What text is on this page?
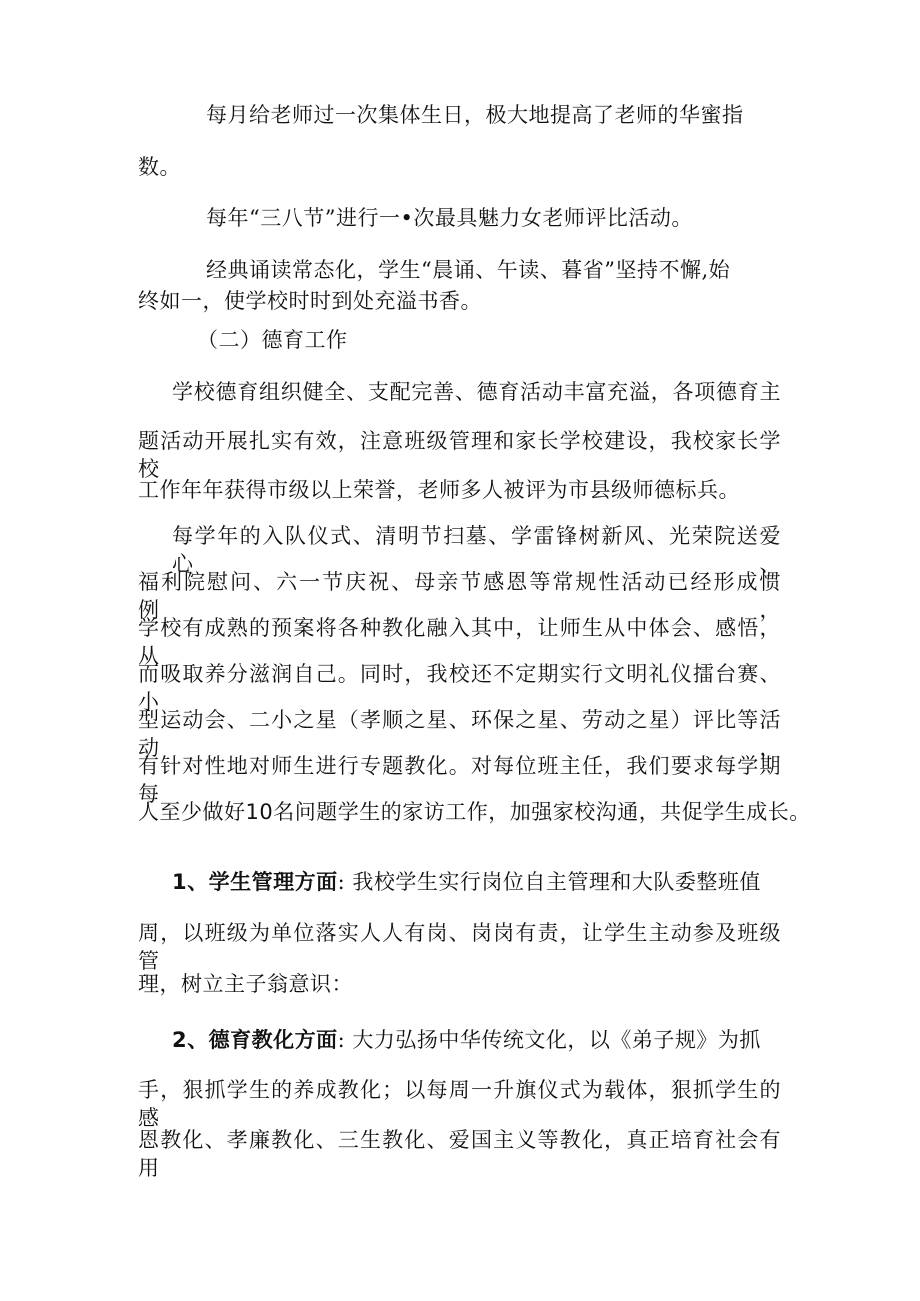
每月给老师过一次集体生日，极大地提高了老师的华蜜指
数。
每年“三八节”进行一•次最具魅力女老师评比活动。
经典诵读常态化，学生“晨诵、午读、暮省”坚持不懈,始
终如一，使学校时时到处充溢书香。
（二）德育工作
学校德育组织健全、支配完善、德育活动丰富充溢，各项德育主
题活动开展扎实有效，注意班级管理和家长学校建设，我校家长学校
工作年年获得市级以上荣誉，老师多人被评为市县级师德标兵。
每学年的入队仪式、清明节扫墓、学雷锋树新风、光荣院送爱心、
福利院慰问、六一节庆祝、母亲节感恩等常规性活动已经形成惯例，
学校有成熟的预案将各种教化融入其中，让师生从中体会、感悟，从
而吸取养分滋润自己。同时，我校还不定期实行文明礼仪擂台赛、小
型运动会、二小之星（孝顺之星、环保之星、劳动之星）评比等活动，
有针对性地对师生进行专题教化。对每位班主任，我们要求每学期每
人至少做好10名问题学生的家访工作，加强家校沟通，共促学生成长。
1、学生管理方面: 我校学生实行岗位自主管理和大队委整班值
周，以班级为单位落实人人有岗、岗岗有责，让学生主动参及班级管
理，树立主子翁意识：
2、德育教化方面: 大力弘扬中华传统文化，以《弟子规》为抓
手，狠抓学生的养成教化；以每周一升旗仪式为载体，狠抓学生的感
恩教化、孝廉教化、三生教化、爱国主义等教化，真正培育社会有用
